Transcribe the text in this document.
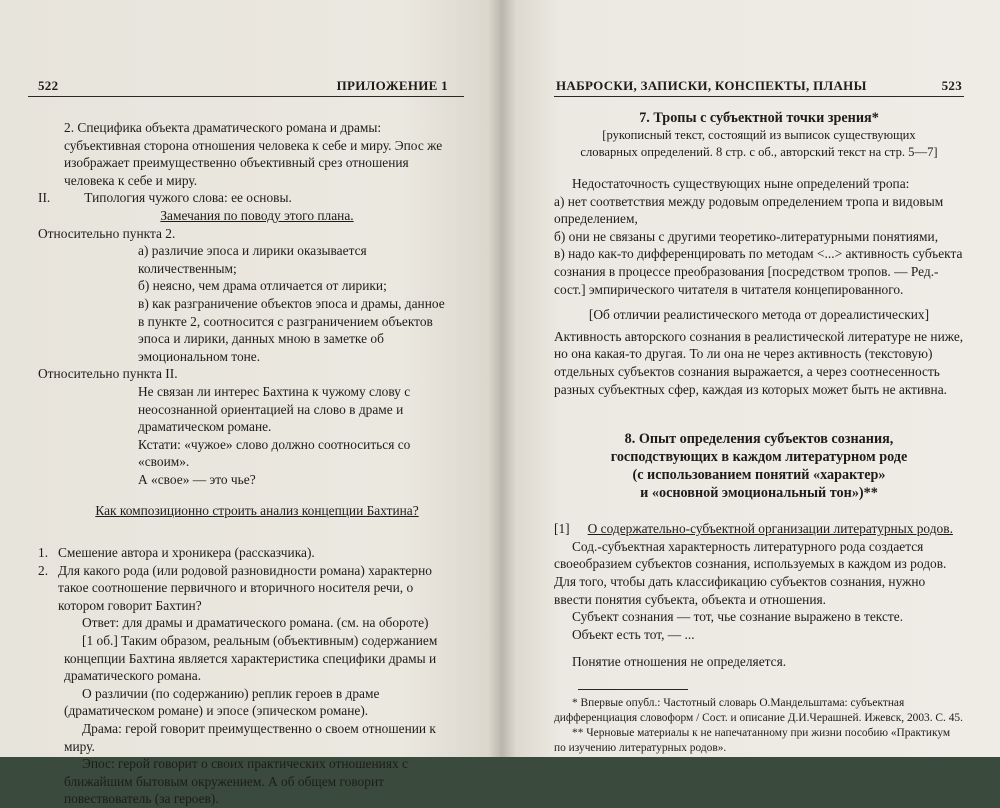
522	ПРИЛОЖЕНИЕ 1

2. Специфика объекта драматического романа и драмы: субъективная сторона отношения человека к себе и миру. Эпос же изображает преимущественно объективный срез отношения человека к себе и миру.

II.	Типология чужого слова: ее основы.

Замечания по поводу этого плана.

Относительно пункта 2.

а) различие эпоса и лирики оказывается количественным;

б) неясно, чем драма отличается от лирики;

в) как разграничение объектов эпоса и драмы, данное в пункте 2, соотносится с разграничением объектов эпоса и лирики, данных мною в заметке об эмоциональном тоне.

Относительно пункта II.

Не связан ли интерес Бахтина к чужому слову с неосознанной ориентацией на слово в драме и драматическом романе.

Кстати: «чужое» слово должно соотноситься со «своим».

А «свое» — это чье?

Как композиционно строить анализ концепции Бахтина?

1. Смешение автора и хроникера (рассказчика).
2. Для какого рода (или родовой разновидности романа) характерно такое соотношение первичного и вторичного носителя речи, о котором говорит Бахтин?

Ответ: для драмы и драматического романа. (см. на обороте)

[1 об.] Таким образом, реальным (объективным) содержанием концепции Бахтина является характеристика специфики драмы и драматического романа.

О различии (по содержанию) реплик героев в драме (драматическом романе) и эпосе (эпическом романе).

Драма: герой говорит преимущественно о своем отношении к миру.

Эпос: герой говорит о своих практических отношениях с ближайшим бытовым окружением. А об общем говорит повествователь (за героев).

НАБРОСКИ, ЗАПИСКИ, КОНСПЕКТЫ, ПЛАНЫ	523

7. Тропы с субъектной точки зрения*

[рукописный текст, состоящий из выписок существующих словарных определений. 8 стр. с об., авторский текст на стр. 5—7]

Недостаточность существующих ныне определений тропа:

а) нет соответствия между родовым определением тропа и видовым определением,

б) они не связаны с другими теоретико-литературными понятиями,

в) надо как-то дифференцировать по методам <...> активность субъекта сознания в процессе преобразования [посредством тропов. — Ред.-сост.] эмпирического читателя в читателя концепированного.

[Об отличии реалистического метода от дореалистических]

Активность авторского сознания в реалистической литературе не ниже, но она какая-то другая. То ли она не через активность (текстовую) отдельных субъектов сознания выражается, а через соотнесенность разных субъектных сфер, каждая из которых может быть не активна.

8. Опыт определения субъектов сознания,

господствующих в каждом литературном роде

(с использованием понятий «характер»

и «основной эмоциональный тон»)**

[1] О содержательно-субъектной организации литературных родов.

Сод.-субъектная характерность литературного рода создается своеобразием субъектов сознания, используемых в каждом из родов.

Для того, чтобы дать классификацию субъектов сознания, нужно ввести понятия субъекта, объекта и отношения.

Субъект сознания — тот, чье сознание выражено в тексте.

Объект есть тот, — ...

Понятие отношения не определяется.

* Впервые опубл.: Частотный словарь О.Мандельштама: субъектная дифференциация словоформ / Сост. и описание Д.И.Черашней. Ижевск, 2003. С. 45.

** Черновые материалы к не напечатанному при жизни пособию «Практикум по изучению литературных родов».
